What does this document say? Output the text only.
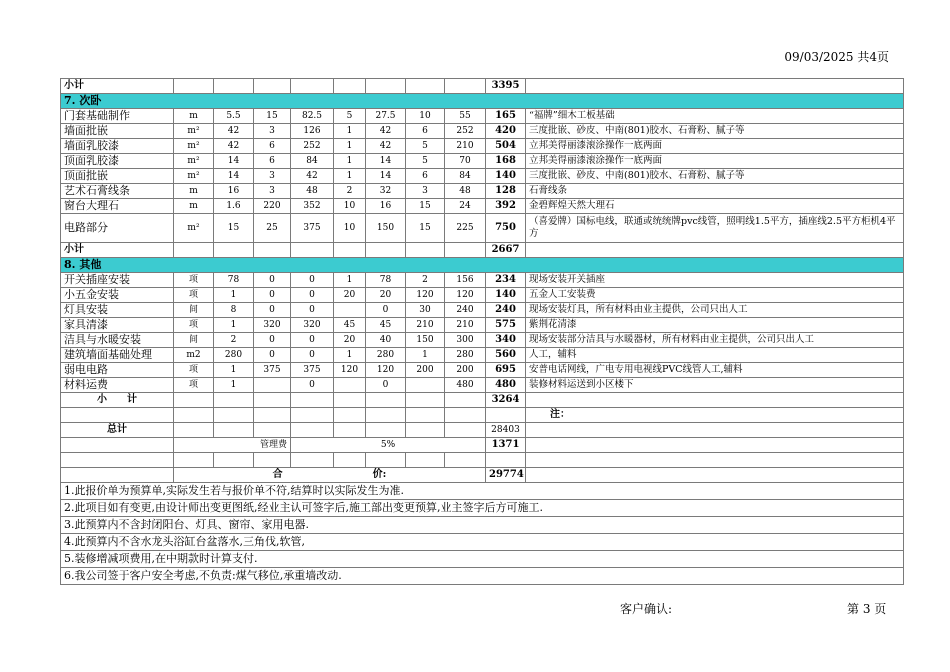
09/03/2025 共4页
小计									3395	
7. 次卧										
门套基础制作	m	5.5	15	82.5	5	27.5	10	55	165	“福牌”细木工板基础
墙面批嵌	m²	42	3	126	1	42	6	252	420	三度批嵌、砂皮、中南(801)胶水、石膏粉、腻子等
墙面乳胶漆	m²	42	6	252	1	42	5	210	504	立邦美得丽漆滚涂操作一底两面
顶面乳胶漆	m²	14	6	84	1	14	5	70	168	立邦美得丽漆滚涂操作一底两面
顶面批嵌	m²	14	3	42	1	14	6	84	140	三度批嵌、砂皮、中南(801)胶水、石膏粉、腻子等
艺术石膏线条	m	16	3	48	2	32	3	48	128	石膏线条
窗台大理石	m	1.6	220	352	10	16	15	24	392	金碧辉煌天然大理石
电路部分	m²	15	25	375	10	150	15	225	750	（喜爱牌）国标电线，联通或统统牌pvc线管，照明线1.5平方，插座线2.5平方柜机4平方
小计									2667	
8. 其他										
开关插座安装	项	78	0	0	1	78	2	156	234	现场安装开关插座
小五金安装	项	1	0	0	20	20	120	120	140	五金人工安装费
灯具安装	间	8	0	0		0	30	240	240	现场安装灯具，所有材料由业主提供，公司只出人工
家具清漆	项	1	320	320	45	45	210	210	575	紫荆花清漆
洁具与水暖安装	间	2	0	0	20	40	150	300	340	现场安装部分洁具与水暖器材，所有材料由业主提供，公司只出人工
建筑墙面基础处理	m2	280	0	0	1	280	1	280	560	人工，辅料
弱电电路	项	1	375	375	120	120	200	200	695	安普电话网线，广电专用电视线PVC线管人工,辅料
材料运费	项	1		0		0		480	480	装修材料运送到小区楼下
小　　计									3264	
										注：
总计									28403	
	管理费			5%					1371	

	合 价:								29774	
1.此报价单为预算单,实际发生若与报价单不符,结算时以实际发生为准.										
2.此项目如有变更,由设计师出变更图纸,经业主认可签字后,施工部出变更预算,业主签字后方可施工.										
3.此预算内不含封闭阳台、灯具、窗帘、家用电器.										
4.此预算内不含水龙头浴缸台盆落水,三角伐,软管,										
5.装修增减项费用,在中期款时计算支付.										
6.我公司签于客户安全考虑,不负责:煤气移位,承重墙改动.										
客户确认:	第 3 页
